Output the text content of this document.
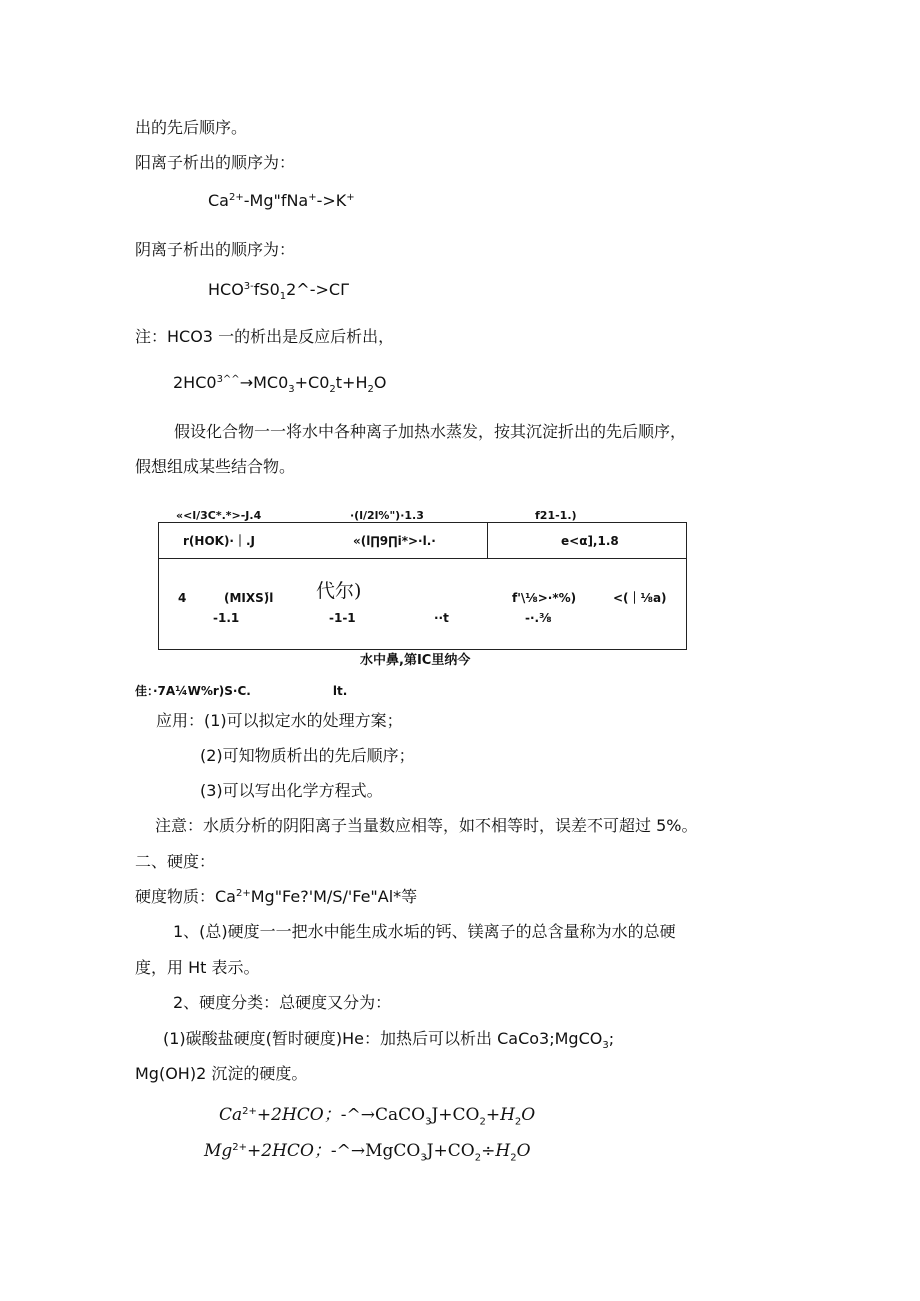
出的先后顺序。
阳离子析出的顺序为：
$Ca^{2+}-Mg"fNa^+->K^+$
阴离子析出的顺序为：
$HCO^{3-}fS0_12\^{}->C\Gamma$
注：HCO3 一的析出是反应后析出，
$2HC0^{3\^{}\^{}}\to MC0_3+C0_2t+H_2O$
假设化合物一一将水中各种离子加热水蒸发，按其沉淀折出的先后顺序，
假想组成某些结合物。
«<l/3C*.*>-J.4	·(l/2l%")·1.3	f21-1.)
r(HOK)·｜.J	«(l∏9∏i*>·l.·	e<α],1.8
4	(MIXS)́l 代尔)	f'\⅛>·*%)	<(｜⅛a)
-1.1	-1-1	··t	-·.⅜
水中鼻,第IC里纳今
佳：·7A¼W%r)S·C.	lt.
应用：(1)可以拟定水的处理方案；
(2)可知物质析出的先后顺序；
(3)可以写出化学方程式。
注意：水质分析的阴阳离子当量数应相等，如不相等时，误差不可超过 5%。
二、硬度：
硬度物质：$Ca^{2+}Mg"Fe?'M/S/'Fe"Al*$等
1、(总)硬度一一把水中能生成水垢的钙、镁离子的总含量称为水的总硬
度，用 Ht 表示。
2、硬度分类：总硬度又分为：
(1)碳酸盐硬度(暂时硬度)He：加热后可以析出 CaCo3;MgCO$_3$;
Mg(OH)2 沉淀的硬度。
$Ca^{2+}+2HCO$；$-\^{}\to CaCO_3J+CO_2+H_2O$
$Mg^{2+}+2HCO$；$-\^{}\to MgCO_3J+CO_2\div H_2O$
